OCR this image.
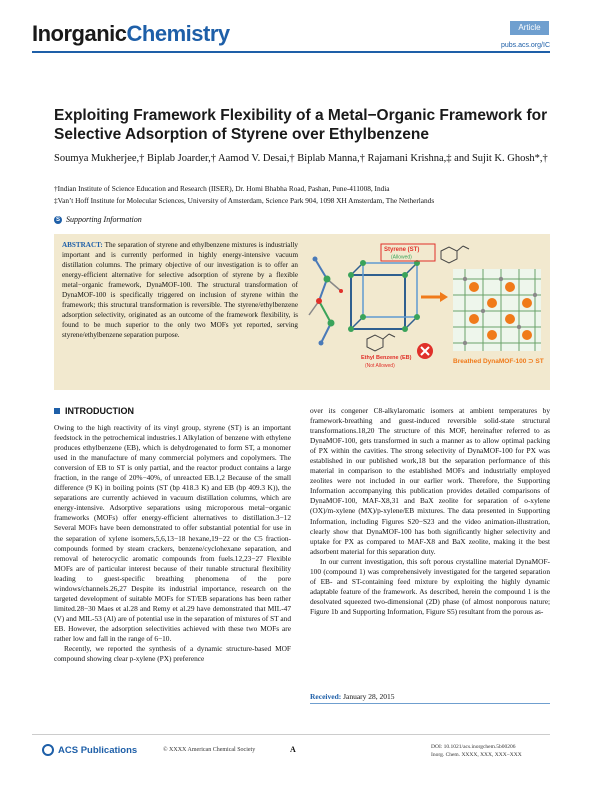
InorganicChemistry	Article
pubs.acs.org/IC
Exploiting Framework Flexibility of a Metal−Organic Framework for Selective Adsorption of Styrene over Ethylbenzene
Soumya Mukherjee,† Biplab Joarder,† Aamod V. Desai,† Biplab Manna,† Rajamani Krishna,‡ and Sujit K. Ghosh*,†
†Indian Institute of Science Education and Research (IISER), Dr. Homi Bhabha Road, Pashan, Pune-411008, India
‡Van’t Hoff Institute for Molecular Sciences, University of Amsterdam, Science Park 904, 1098 XH Amsterdam, The Netherlands
S Supporting Information
ABSTRACT: The separation of styrene and ethylbenzene mixtures is industrially important and is currently performed in highly energy-intensive vacuum distillation columns. The primary objective of our investigation is to offer an energy-efficient alternative for selective adsorption of styrene by a flexible metal−organic framework, DynaMOF-100. The structural transformation of DynaMOF-100 is specifically triggered on inclusion of styrene within the framework; this structural transformation is reversible. The styrene/ethylbenzene adsorption selectivity, originated as an outcome of the framework flexibility, is found to be much superior to the only two MOFs yet reported, serving styrene/ethylbenzene separation purpose.
Styrene (ST)
(Allowed)
Ethyl Benzene (EB)
(Not Allowed)
Breathed DynaMOF-100 ⊃ ST
INTRODUCTION

Owing to the high reactivity of its vinyl group, styrene (ST) is an important feedstock in the petrochemical industries.1 Alkylation of benzene with ethylene produces ethylbenzene (EB), which is dehydrogenated to form ST, a monomer used in the manufacture of many commercial polymers and copolymers. The conversion of EB to ST is only partial, and the reactor product contains a large fraction, in the range of 20%−40%, of unreacted EB.1,2 Because of the small difference (9 K) in boiling points (ST (bp 418.3 K) and EB (bp 409.3 K)), the separations are currently achieved in vacuum distillation columns, which are energy-intensive. Adsorptive separations using microporous metal−organic frameworks (MOFs) offer energy-efficient alternatives to distillation.3−12 Several MOFs have been demonstrated to offer substantial potential for use in the separation of xylene isomers,5,6,13−18 hexane,19−22 or the C5 fraction-compounds formed by steam crackers, benzene/cyclohexane separation, and removal of heterocyclic aromatic compounds from fuels.12,23−27 Flexible MOFs are of particular interest because of their tunable structural flexibility leading to guest-specific breathing phenomena of the pore windows/channels.26,27 Despite its industrial importance, research on the targeted development of suitable MOFs for ST/EB separations has been rather limited.28−30 Maes et al.28 and Remy et al.29 have demonstrated that MIL-47 (V) and MIL-53 (Al) are of potential use in the separation of mixtures of ST and EB. However, the adsorption selectivities achieved with these two MOFs are rather low and fall in the range of 6−10.

Recently, we reported the synthesis of a dynamic structure-based MOF compound showing clear p-xylene (PX) preference

over its congener C8-alkylaromatic isomers at ambient temperatures by framework-breathing and guest-induced reversible solid-state structural transformations.18,20 The structure of this MOF, hereinafter referred to as DynaMOF-100, gets transformed in such a manner as to allow optimal packing of PX within the cavities. The strong selectivity of DynaMOF-100 for PX was established in our published work,18 but the separation performance of this material in comparison to the established MOFs and industrially employed zeolites were not included in our earlier work. Therefore, the Supporting Information accompanying this publication provides detailed comparisons of DynaMOF-100, MAF-X8,31 and BaX zeolite for separation of o-xylene (OX)/m-xylene (MX)/p-xylene/EB mixtures. The data presented in Supporting Information, including Figures S20−S23 and the video animation-illustration, clearly show that DynaMOF-100 has both significantly higher selectivity and uptake for PX as compared to MAF-X8 and BaX zeolite, making it the best adsorbent material for this separation duty.

In our current investigation, this soft porous crystalline material DynaMOF-100 (compound 1) was comprehensively investigated for the targeted separation of EB- and ST-containing feed mixture by exploiting the highly dynamic adaptable feature of the framework. As described, herein the compound 1 is the desolvated squeezed two-dimensional (2D) phase (of almost nonporous nature; Figure 1b and Supporting Information, Figure S5) resultant from the porous as-

Received: January 28, 2015
ACS Publications	© XXXX American Chemical Society	A	DOI: 10.1021/acs.inorgchem.5b00206
Inorg. Chem. XXXX, XXX, XXX−XXX
